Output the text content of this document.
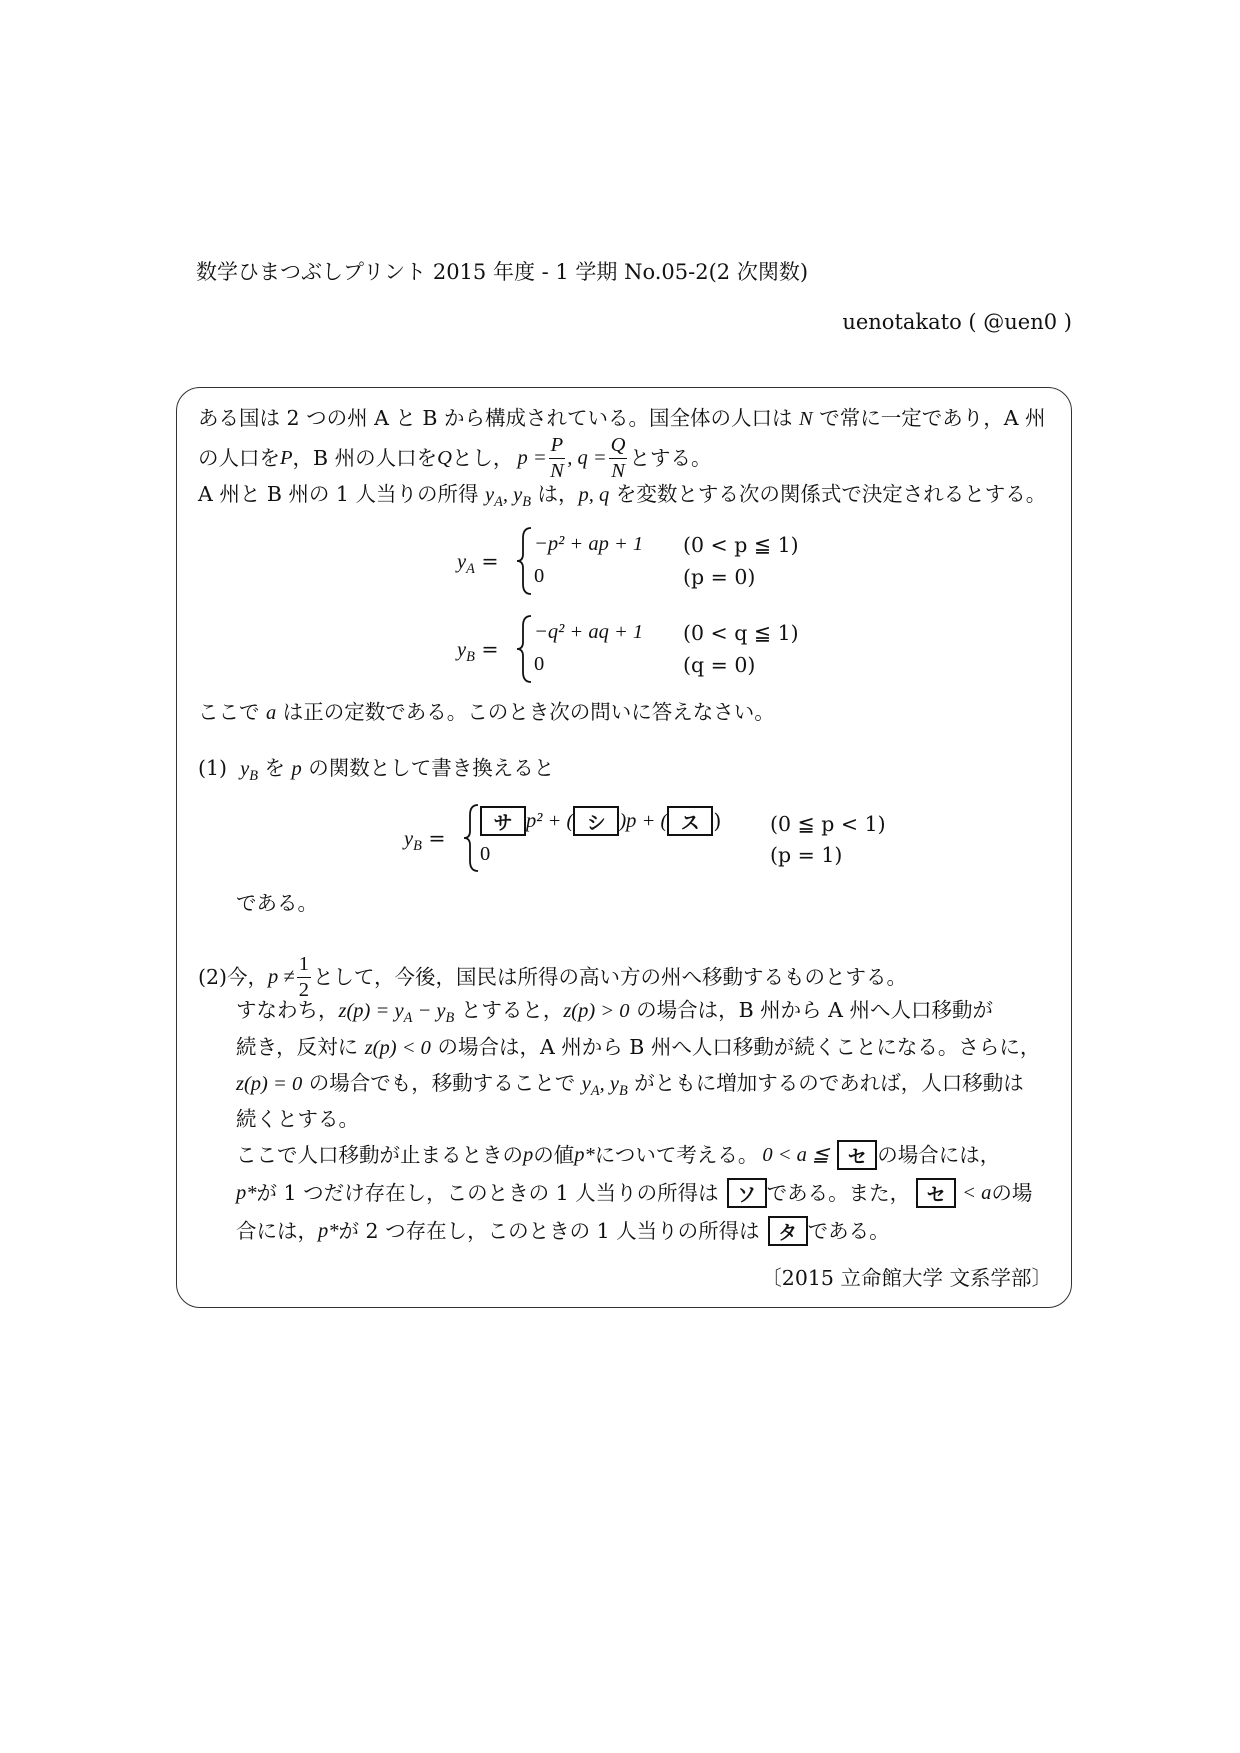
数学ひまつぶしプリント 2015 年度 - 1 学期 No.05-2(2 次関数)
uenotakato ( @uen0 )
ある国は 2 つの州 A と B から構成されている。国全体の人口は N で常に一定であり，A 州
の人口を P ，B 州の人口を Q とし， $p = \frac{P}{N}$ , $q = \frac{Q}{N}$ とする。
A 州と B 州の 1 人当りの所得 $y_A$, $y_B$ は，p, q を変数とする次の関係式で決定されるとする。
$y_A$ =
−p² + ap + 1 (0 < p ≦ 1)
0	(p = 0)
$y_B$ =
−q² + aq + 1 (0 < q ≦ 1)
0	(q = 0)
ここで a は正の定数である。このとき次の問いに答えなさい。
(1) $y_B$ を p の関数として書き換えると
$y_B$ =
サ p² + ( シ )p + ( ス ) (0 ≦ p < 1)
0	(p = 1)
である。
(2) 今， $p \ne \frac{1}{2}$ として，今後，国民は所得の高い方の州へ移動するものとする。
すなわち，$z(p) = y_A - y_B$ とすると，z(p) > 0 の場合は，B 州から A 州へ人口移動が
続き，反対に z(p) < 0 の場合は，A 州から B 州へ人口移動が続くことになる。さらに，
z(p) = 0 の場合でも，移動することで $y_A$, $y_B$ がともに増加するのであれば，人口移動は
続くとする。
ここで人口移動が止まるときの p の値 p* について考える。 0 < a ≦ セ の場合には，
p* が 1 つだけ存在し，このときの 1 人当りの所得は ソ である。また， セ < a の場
合には， p* が 2 つ存在し，このときの 1 人当りの所得は タ である。
〔2015 立命館大学 文系学部〕
